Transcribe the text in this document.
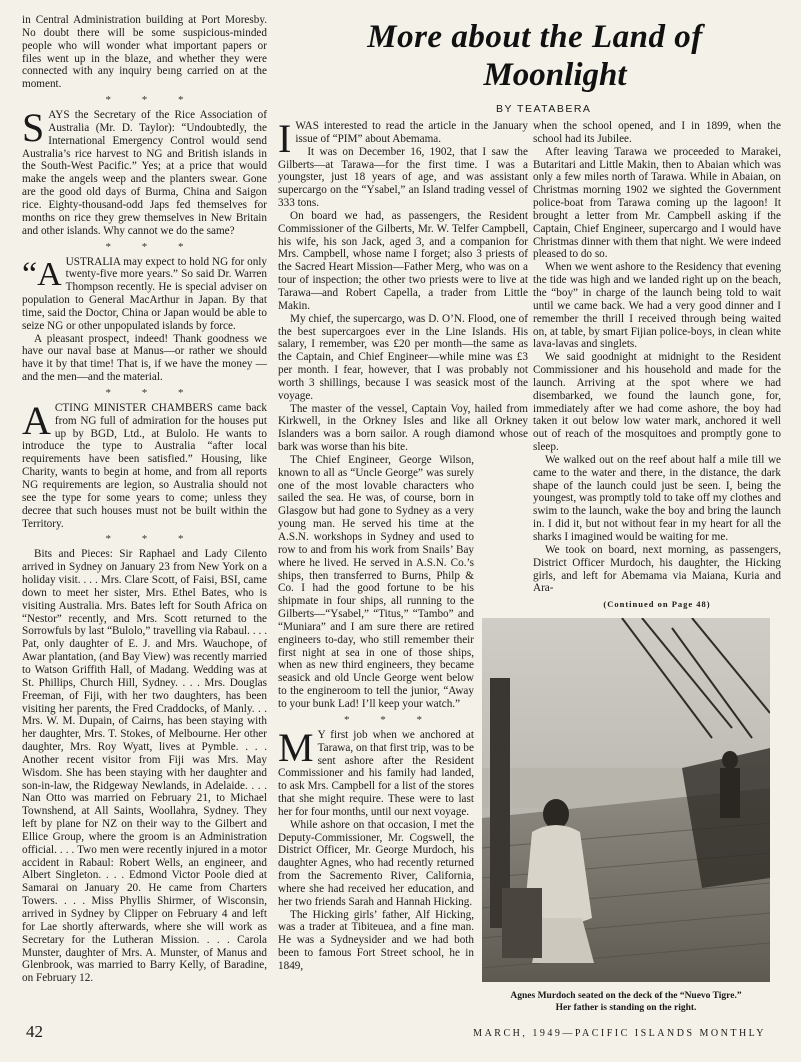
in Central Administration building at Port Moresby. No doubt there will be some suspicious-minded people who will wonder what important papers or files went up in the blaze, and whether they were connected with any inquiry beıng carried on at the moment.

* * *

SAYS the Secretary of the Rice Association of Australia (Mr. D. Taylor): “Undoubtedly, the International Emergency Control would send Australia’s rice harvest to NG and British islands in the South-West Pacific.” Yes; at a price that would make the angels weep and the planters swear. Gone are the good old days of Burma, China and Saigon rice. Eighty-thousand-odd Japs fed themselves for months on rice they grew themselves in New Britain and other islands. Why cannot we do the same?

* * *

“AUSTRALIA may expect to hold NG for only twenty-five more years.” So said Dr. Warren Thompson recently. He is special adviser on population to General MacArthur in Japan. By that time, said the Doctor, China or Japan would be able to seize NG or other unpopulated islands by force.

A pleasant prospect, indeed! Thank goodness we have our naval base at Manus—or rather we should have it by that time! That is, if we have the money —and the men—and the material.

* * *

ACTING MINISTER CHAMBERS came back from NG full of admiration for the houses put up by BGD, Ltd., at Bulolo. He wants to introduce the type to Australia “after local requirements have been satisfied.” Housing, like Charity, wants to begin at home, and from all reports NG requirements are legion, so Australia should not see the type for some years to come; unless they decree that such houses must not be built within the Territory.

* * *

Bits and Pieces: Sir Raphael and Lady Cilento arrived in Sydney on January 23 from New York on a holiday visit. . . . Mrs. Clare Scott, of Faisi, BSI, came down to meet her sister, Mrs. Ethel Bates, who is visiting Australia. Mrs. Bates left for South Africa on “Nestor” recently, and Mrs. Scott returned to the Sorrowfuls by last “Bulolo,” travelling via Rabaul. . . . Pat, only daughter of E. J. and Mrs. Wauchope, of Awar plantation, (and Bay View) was recently married to Watson Griffith Hall, of Madang. Wedding was at St. Phillips, Church Hill, Sydney. . . . Mrs. Douglas Freeman, of Fiji, with her two daughters, has been visiting her parents, the Fred Craddocks, of Manly. . . Mrs. W. M. Dupain, of Cairns, has been staying with her daughter, Mrs. T. Stokes, of Melbourne. Her other daughter, Mrs. Roy Wyatt, lives at Pymble. . . . Another recent visitor from Fiji was Mrs. May Wisdom. She has been staying with her daughter and son-in-law, the Ridgeway Newlands, in Adelaide. . . . Nan Otto was married on February 21, to Michael Townshend, at All Saints, Woollahra, Sydney. They left by plane for NZ on their way to the Gilbert and Ellice Group, where the groom is an Administration official. . . . Two men were recently injured in a motor accident in Rabaul: Robert Wells, an engineer, and Albert Singleton. . . . Edmond Victor Poole died at Samarai on January 20. He came from Charters Towers. . . . Miss Phyllis Shirmer, of Wisconsin, arrived in Sydney by Clipper on February 4 and left for Lae shortly afterwards, where she will work as Secretary for the Lutheran Mission. . . . Carola Munster, daughter of Mrs. A. Munster, of Manus and Glenbrook, was married to Barry Kelly, of Baradine, on February 12.

More about the Land of
Moonlight
BY TEATABERA

IWAS interested to read the article in the January issue of “PIM” about Abemama.

It was on December 16, 1902, that I saw the Gilberts—at Tarawa—for the first time. I was a youngster, just 18 years of age, and was assistant supercargo on the “Ysabel,” an Island trading vessel of 333 tons.

On board we had, as passengers, the Resident Commissioner of the Gilberts, Mr. W. Telfer Campbell, his wife, his son Jack, aged 3, and a companion for Mrs. Campbell, whose name I forget; also 3 priests of the Sacred Heart Mission—Father Merg, who was on a tour of inspection; the other two priests were to live at Tarawa—and Robert Capella, a trader from Little Makin.

My chief, the supercargo, was D. O’N. Flood, one of the best supercargoes ever in the Line Islands. His salary, I remember, was £20 per month—the same as the Captain, and Chief Engineer—while mine was £3 per month. I fear, however, that I was probably not worth 3 shillings, because I was seasick most of the voyage.

The master of the vessel, Captain Voy, hailed from Kirkwell, in the Orkney Isles and like all Orkney Islanders was a born sailor. A rough diamond whose bark was worse than his bite.

The Chief Engineer, George Wilson, known to all as “Uncle George” was surely one of the most lovable characters who sailed the sea. He was, of course, born in Glasgow but had gone to Sydney as a very young man. He served his time at the A.S.N. workshops in Sydney and used to row to and from his work from Snails’ Bay where he lived. He served in A.S.N. Co.’s ships, then transferred to Burns, Philp & Co. I had the good fortune to be his shipmate in four ships, all running to the Gilberts—“Ysabel,” “Titus,” “Tambo” and “Muniara” and I am sure there are retired engineers to-day, who still remember their first night at sea in one of those ships, when as new third engineers, they became seasick and old Uncle George went below to the engineroom to tell the junior, “Away to your bunk Lad! I’ll keep your watch.”

* * *

M Y first job when we anchored at Tarawa, on that first trip, was to be sent ashore after the Resident Commissioner and his family had landed, to ask Mrs. Campbell for a list of the stores that she might require. These were to last her for four months, until our next voyage.

While ashore on that occasion, I met the Deputy-Commissioner, Mr. Cogswell, the District Officer, Mr. George Murdoch, his daughter Agnes, who had recently returned from the Sacremento River, California, where she had received her education, and her two friends Sarah and Hannah Hicking.

The Hicking girls’ father, Alf Hicking, was a trader at Tibiteuea, and a fine man. He was a Sydneysider and we had both been to famous Fort Street school, he in 1849,

when the school opened, and I in 1899, when the school had its Jubilee.

After leaving Tarawa we proceeded to Marakei, Butaritari and Little Makin, then to Abaian which was only a few miles north of Tarawa. While in Abaian, on Christmas morning 1902 we sighted the Government police-boat from Tarawa coming up the lagoon! It brought a letter from Mr. Campbell asking if the Captain, Chief Engineer, supercargo and I would have Christmas dinner with them that night. We were indeed pleased to do so.

When we went ashore to the Residency that evening the tide was high and we landed right up on the beach, the “boy” in charge of the launch being told to wait until we came back. We had a very good dinner and I remember the thrill I received through being waited on, at table, by smart Fijian police-boys, in clean white lava-lavas and singlets.

We said goodnight at midnight to the Resident Commissioner and his household and made for the launch. Arriving at the spot where we had disembarked, we found the launch gone, for, immediately after we had come ashore, the boy had taken it out below low water mark, anchored it well out of reach of the mosquitoes and promptly gone to sleep.

We walked out on the reef about half a mile till we came to the water and there, in the distance, the dark shape of the launch could just be seen. I, being the youngest, was promptly told to take off my clothes and swim to the launch, wake the boy and bring the launch in. I did it, but not without fear in my heart for all the sharks I imagined would be waiting for me.

We took on board, next morning, as passengers, District Officer Murdoch, his daughter, the Hicking girls, and left for Abemama via Maiana, Kuria and Ara-

(Continued on Page 48)
Agnes Murdoch seated on the deck of the “Nuevo Tigre.”
Her father is standing on the right.
42	MARCH, 1949—PACIFIC ISLANDS MONTHLY
